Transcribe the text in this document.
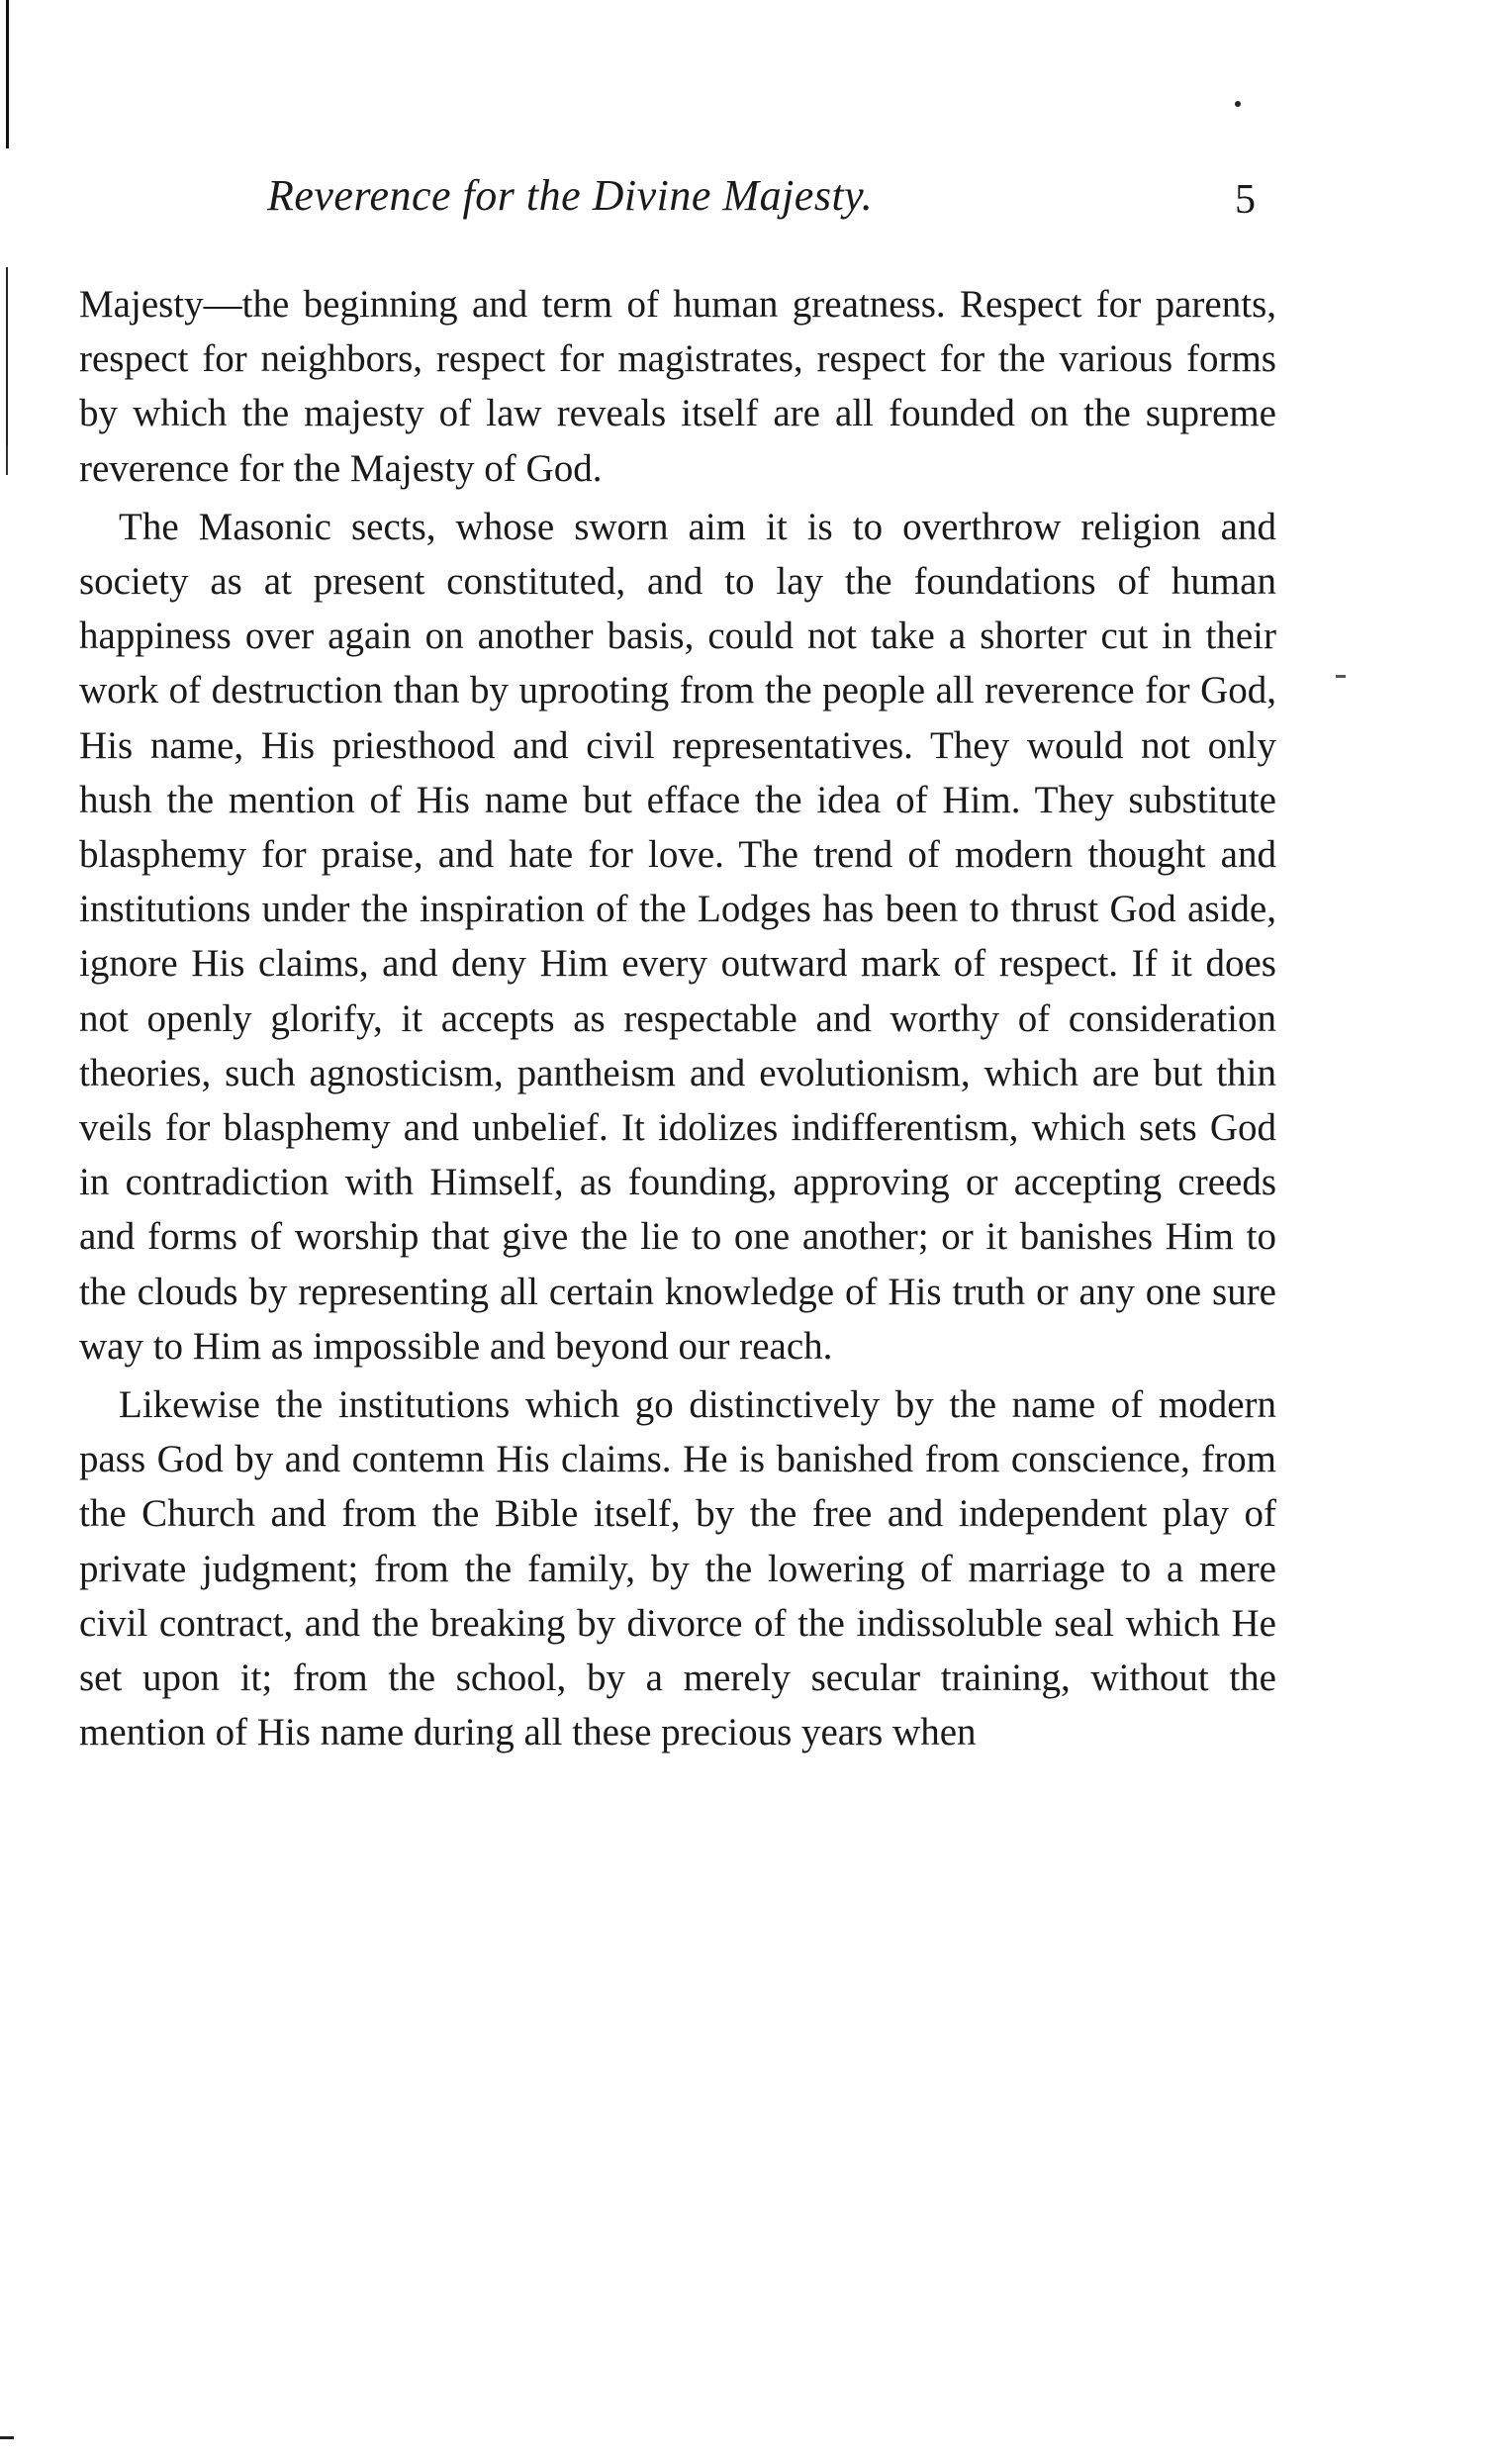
Reverence for the Divine Majesty.	5

Majesty—the beginning and term of human greatness. Respect for parents, respect for neighbors, respect for magistrates, respect for the various forms by which the majesty of law reveals itself are all founded on the supreme reverence for the Majesty of God.

The Masonic sects, whose sworn aim it is to overthrow religion and society as at present constituted, and to lay the foundations of human happiness over again on another basis, could not take a shorter cut in their work of destruction than by uprooting from the people all reverence for God, His name, His priesthood and civil representatives. They would not only hush the mention of His name but efface the idea of Him. They substitute blasphemy for praise, and hate for love. The trend of modern thought and institutions under the inspiration of the Lodges has been to thrust God aside, ignore His claims, and deny Him every outward mark of respect. If it does not openly glorify, it accepts as respectable and worthy of consideration theories, such agnosticism, pantheism and evolutionism, which are but thin veils for blasphemy and unbelief. It idolizes indifferentism, which sets God in contradiction with Himself, as founding, approving or accepting creeds and forms of worship that give the lie to one another; or it banishes Him to the clouds by representing all certain knowledge of His truth or any one sure way to Him as impossible and beyond our reach.

Likewise the institutions which go distinctively by the name of modern pass God by and contemn His claims. He is banished from conscience, from the Church and from the Bible itself, by the free and independent play of private judgment; from the family, by the lowering of marriage to a mere civil contract, and the breaking by divorce of the indissoluble seal which He set upon it; from the school, by a merely secular training, without the mention of His name during all these precious years when
